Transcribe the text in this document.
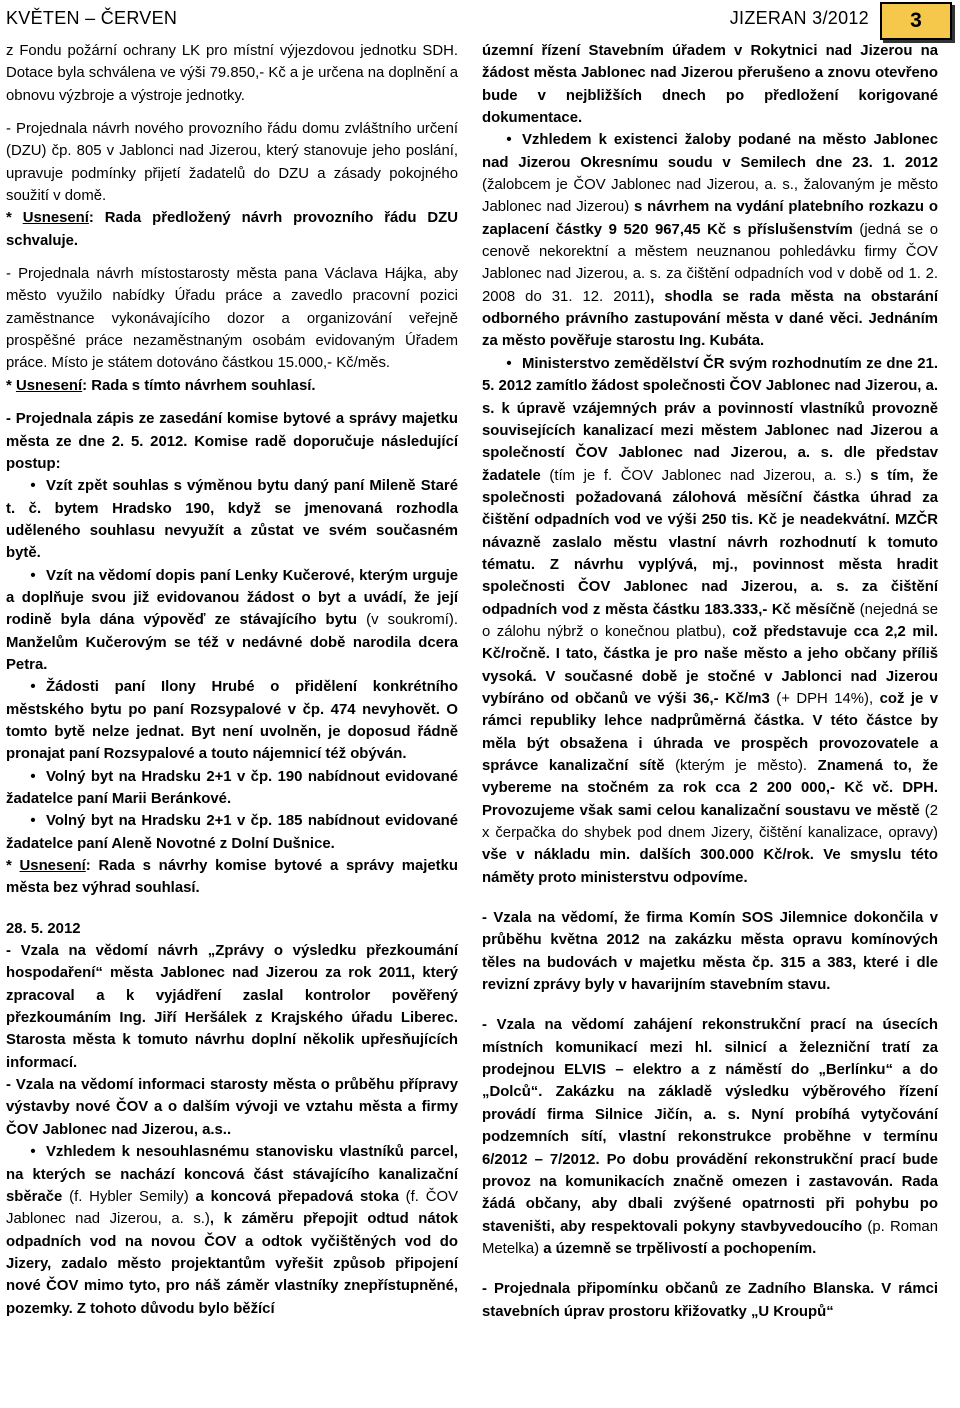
KVĚTEN – ČERVEN	JIZERAN 3/2012	3

z Fondu požární ochrany LK pro místní výjezdovou jednotku SDH. Dotace byla schválena ve výši 79.850,- Kč a je určena na doplnění a obnovu výzbroje a výstroje jednotky.

- Projednala návrh nového provozního řádu domu zvláštního určení (DZU) čp. 805 v Jablonci nad Jizerou, který stanovuje jeho poslání, upravuje podmínky přijetí žadatelů do DZU a zásady pokojného soužití v domě.

* Usnesení: Rada předložený návrh provozního řádu DZU schvaluje.

- Projednala návrh místostarosty města pana Václava Hájka, aby město využilo nabídky Úřadu práce a zavedlo pracovní pozici zaměstnance vykonávajícího dozor a organizování veřejně prospěšné práce nezaměstnaným osobám evidovaným Úřadem práce. Místo je státem dotováno částkou 15.000,- Kč/měs.

* Usnesení: Rada s tímto návrhem souhlasí.

- Projednala zápis ze zasedání komise bytové a správy majetku města ze dne 2. 5. 2012. Komise radě doporučuje následující postup:

• Vzít zpět souhlas s výměnou bytu daný paní Mileně Staré t. č. bytem Hradsko 190, když se jmenovaná rozhodla uděleného souhlasu nevyužít a zůstat ve svém současném bytě.

• Vzít na vědomí dopis paní Lenky Kučerové, kterým urguje a doplňuje svou již evidovanou žádost o byt a uvádí, že její rodině byla dána výpověď ze stávajícího bytu (v soukromí). Manželům Kučerovým se též v nedávné době narodila dcera Petra.

• Žádosti paní Ilony Hrubé o přidělení konkrétního městského bytu po paní Rozsypalové v čp. 474 nevyhovět. O tomto bytě nelze jednat. Byt není uvolněn, je doposud řádně pronajat paní Rozsypalové a touto nájemnicí též obýván.

• Volný byt na Hradsku 2+1 v čp. 190 nabídnout evidované žadatelce paní Marii Beránkové.

• Volný byt na Hradsku 2+1 v čp. 185 nabídnout evidované žadatelce paní Aleně Novotné z Dolní Dušnice.

* Usnesení: Rada s návrhy komise bytové a správy majetku města bez výhrad souhlasí.

28. 5. 2012

- Vzala na vědomí návrh „Zprávy o výsledku přezkoumání hospodaření“ města Jablonec nad Jizerou za rok 2011, který zpracoval a k vyjádření zaslal kontrolor pověřený přezkoumáním Ing. Jiří Heršálek z Krajského úřadu Liberec. Starosta města k tomuto návrhu doplní několik upřesňujících informací.

- Vzala na vědomí informaci starosty města o průběhu přípravy výstavby nové ČOV a o dalším vývoji ve vztahu města a firmy ČOV Jablonec nad Jizerou, a.s..

• Vzhledem k nesouhlasnému stanovisku vlastníků parcel, na kterých se nachází koncová část stávajícího kanalizační sběrače (f. Hybler Semily) a koncová přepadová stoka (f. ČOV Jablonec nad Jizerou, a. s.), k záměru přepojit odtud nátok odpadních vod na novou ČOV a odtok vyčištěných vod do Jizery, zadalo město projektantům vyřešit způsob připojení nové ČOV mimo tyto, pro náš záměr vlastníky znepřístupněné, pozemky. Z tohoto důvodu bylo běžící

územní řízení Stavebním úřadem v Rokytnici nad Jizerou na žádost města Jablonec nad Jizerou přerušeno a znovu otevřeno bude v nejbližších dnech po předložení korigované dokumentace.

• Vzhledem k existenci žaloby podané na město Jablonec nad Jizerou Okresnímu soudu v Semilech dne 23. 1. 2012 (žalobcem je ČOV Jablonec nad Jizerou, a. s., žalovaným je město Jablonec nad Jizerou) s návrhem na vydání platebního rozkazu o zaplacení částky 9 520 967,45 Kč s příslušenstvím (jedná se o cenově nekorektní a městem neuznanou pohledávku firmy ČOV Jablonec nad Jizerou, a. s. za čištění odpadních vod v době od 1. 2. 2008 do 31. 12. 2011), shodla se rada města na obstarání odborného právního zastupování města v dané věci. Jednáním za město pověřuje starostu Ing. Kubáta.

• Ministerstvo zemědělství ČR svým rozhodnutím ze dne 21. 5. 2012 zamítlo žádost společnosti ČOV Jablonec nad Jizerou, a. s. k úpravě vzájemných práv a povinností vlastníků provozně souvisejících kanalizací mezi městem Jablonec nad Jizerou a společností ČOV Jablonec nad Jizerou, a. s. dle představ žadatele (tím je f. ČOV Jablonec nad Jizerou, a. s.) s tím, že společnosti požadovaná zálohová měsíční částka úhrad za čištění odpadních vod ve výši 250 tis. Kč je neadekvátní. MZČR návazně zaslalo městu vlastní návrh rozhodnutí k tomuto tématu. Z návrhu vyplývá, mj., povinnost města hradit společnosti ČOV Jablonec nad Jizerou, a. s. za čištění odpadních vod z města částku 183.333,- Kč měsíčně (nejedná se o zálohu nýbrž o konečnou platbu), což představuje cca 2,2 mil. Kč/ročně. I tato, částka je pro naše město a jeho občany příliš vysoká. V současné době je stočné v Jablonci nad Jizerou vybíráno od občanů ve výši 36,- Kč/m3 (+ DPH 14%), což je v rámci republiky lehce nadprůměrná částka. V této částce by měla být obsažena i úhrada ve prospěch provozovatele a správce kanalizační sítě (kterým je město). Znamená to, že vybereme na stočném za rok cca 2 200 000,- Kč vč. DPH. Provozujeme však sami celou kanalizační soustavu ve městě (2 x čerpačka do shybek pod dnem Jizery, čištění kanalizace, opravy) vše v nákladu min. dalších 300.000 Kč/rok. Ve smyslu této náměty proto ministerstvu odpovíme.

- Vzala na vědomí, že firma Komín SOS Jilemnice dokončila v průběhu května 2012 na zakázku města opravu komínových těles na budovách v majetku města čp. 315 a 383, které i dle revizní zprávy byly v havarijním stavebním stavu.

- Vzala na vědomí zahájení rekonstrukční prací na úsecích místních komunikací mezi hl. silnicí a železniční tratí za prodejnou ELVIS – elektro a z náměstí do „Berlínku“ a do „Dolců“. Zakázku na základě výsledku výběrového řízení provádí firma Silnice Jičín, a. s. Nyní probíhá vytyčování podzemních sítí, vlastní rekonstrukce proběhne v termínu 6/2012 – 7/2012. Po dobu provádění rekonstrukční prací bude provoz na komunikacích značně omezen i zastavován. Rada žádá občany, aby dbali zvýšené opatrnosti při pohybu po staveništi, aby respektovali pokyny stavbyvedoucího (p. Roman Metelka) a územně se trpělivostí a pochopením.

- Projednala připomínku občanů ze Zadního Blanska. V rámci stavebních úprav prostoru křižovatky „U Kroupů“
